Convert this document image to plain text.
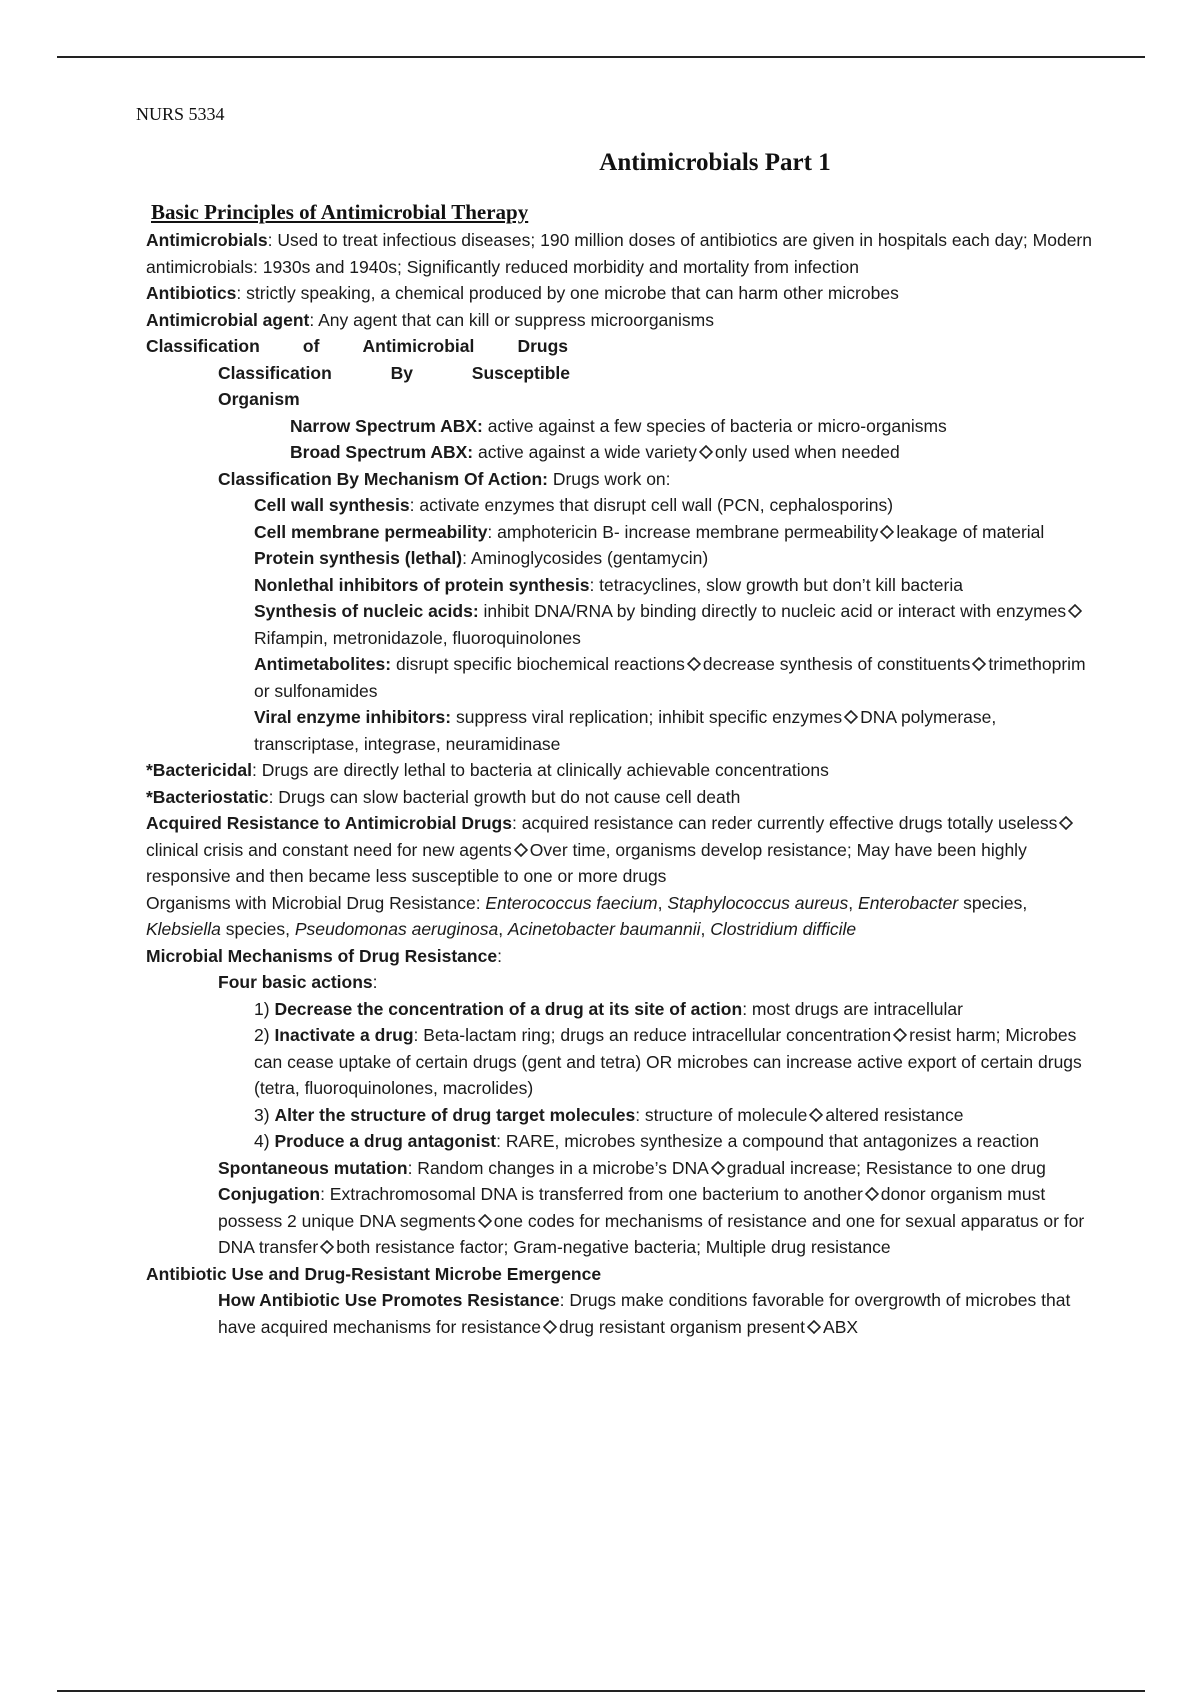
NURS 5334
Antimicrobials Part 1
Basic Principles of Antimicrobial Therapy

Antimicrobials: Used to treat infectious diseases; 190 million doses of antibiotics are given in hospitals each day; Modern antimicrobials: 1930s and 1940s; Significantly reduced morbidity and mortality from infection

Antibiotics: strictly speaking, a chemical produced by one microbe that can harm other microbes

Antimicrobial agent: Any agent that can kill or suppress microorganisms

Classification of Antimicrobial Drugs

Classification	By	Susceptible

Organism

Narrow Spectrum ABX: active against a few species of bacteria or micro-organisms

Broad Spectrum ABX: active against a wide variety only used when needed

Classification By Mechanism Of Action: Drugs work on:

Cell wall synthesis: activate enzymes that disrupt cell wall (PCN, cephalosporins)

Cell membrane permeability: amphotericin B- increase membrane permeability leakage of material

Protein synthesis (lethal): Aminoglycosides (gentamycin)

Nonlethal inhibitors of protein synthesis: tetracyclines, slow growth but don’t kill bacteria

Synthesis of nucleic acids: inhibit DNA/RNA by binding directly to nucleic acid or interact with enzymesRifampin, metronidazole, fluoroquinolones

Antimetabolites: disrupt specific biochemical reactions decrease synthesis of constituents trimethoprim or sulfonamides

Viral enzyme inhibitors: suppress viral replication; inhibit specific enzymes DNA polymerase, transcriptase, integrase, neuramidinase

*Bactericidal: Drugs are directly lethal to bacteria at clinically achievable concentrations

*Bacteriostatic: Drugs can slow bacterial growth but do not cause cell death

Acquired Resistance to Antimicrobial Drugs: acquired resistance can reder currently effective drugs totally uselessclinical crisis and constant need for new agents Over time, organisms develop resistance; May have been highly responsive and then became less susceptible to one or more drugs

Organisms with Microbial Drug Resistance: Enterococcus faecium, Staphylococcus aureus, Enterobacter species, Klebsiella species, Pseudomonas aeruginosa, Acinetobacter baumannii, Clostridium difficile

Microbial Mechanisms of Drug Resistance:

Four basic actions:

1) Decrease the concentration of a drug at its site of action: most drugs are intracellular

2) Inactivate a drug: Beta-lactam ring; drugs an reduce intracellular concentration resist harm; Microbes can cease uptake of certain drugs (gent and tetra) OR microbes can increase active export of certain drugs (tetra, fluoroquinolones, macrolides)

3) Alter the structure of drug target molecules: structure of molecule altered resistance

4) Produce a drug antagonist: RARE, microbes synthesize a compound that antagonizes a reaction

Spontaneous mutation: Random changes in a microbe’s DNA gradual increase; Resistance to one drug

Conjugation: Extrachromosomal DNA is transferred from one bacterium to another donor organism must possess 2 unique DNA segments one codes for mechanisms of resistance and one for sexual apparatus or for DNA transfer both resistance factor; Gram-negative bacteria; Multiple drug resistance

Antibiotic Use and Drug-Resistant Microbe Emergence

How Antibiotic Use Promotes Resistance: Drugs make conditions favorable for overgrowth of microbes that have acquired mechanisms for resistance drug resistant organism present ABX
